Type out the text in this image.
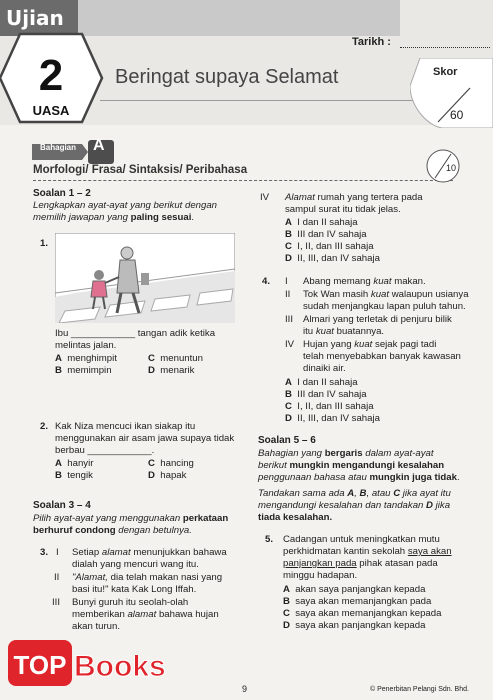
Ujian
2
UASA
Tarikh :
Beringat supaya Selamat	Skor
60
Bahagian A
Morfologi/ Frasa/ Sintaksis/ Peribahasa	10
Soalan 1 – 2
Lengkapkan ayat-ayat yang berikut dengan
memilih jawapan yang paling sesuai.
1.
Ibu ____________ tangan adik ketika
melintas jalan.
A menghimpit	C menuntun
B memimpin	D menarik
2. Kak Niza mencuci ikan siakap itu
menggunakan air asam jawa supaya tidak
berbau ____________.
A hanyir	C hancing
B tengik	D hapak
Soalan 3 – 4
Pilih ayat-ayat yang menggunakan perkataan
berhuruf condong dengan betulnya.
3. I Setiap alamat menunjukkan bahawa
dialah yang mencuri wang itu.
II "Alamat, dia telah makan nasi yang
basi itu!" kata Kak Long Iffah.
III Bunyi guruh itu seolah-olah
memberikan alamat bahawa hujan
akan turun.
IV Alamat rumah yang tertera pada
sampul surat itu tidak jelas.
A I dan II sahaja
B III dan IV sahaja
C I, II, dan III sahaja
D II, III, dan IV sahaja
4. I Abang memang kuat makan.
II Tok Wan masih kuat walaupun usianya
sudah menjangkau lapan puluh tahun.
III Almari yang terletak di penjuru bilik
itu kuat buatannya.
IV Hujan yang kuat sejak pagi tadi
telah menyebabkan banyak kawasan
dinaiki air.
A I dan II sahaja
B III dan IV sahaja
C I, II, dan III sahaja
D II, III, dan IV sahaja
Soalan 5 – 6
Bahagian yang bergaris dalam ayat-ayat
berikut mungkin mengandungi kesalahan
penggunaan bahasa atau mungkin juga tidak.
Tandakan sama ada A, B, atau C jika ayat itu
mengandungi kesalahan dan tandakan D jika
tiada kesalahan.
5. Cadangan untuk meningkatkan mutu
perkhidmatan kantin sekolah saya akan
panjangkan pada pihak atasan pada
minggu hadapan.
A akan saya panjangkan kepada
B saya akan memanjangkan pada
C saya akan memanjangkan kepada
D saya akan panjangkan kepada
9	© Penerbitan Pelangi Sdn. Bhd.
TOP Books
